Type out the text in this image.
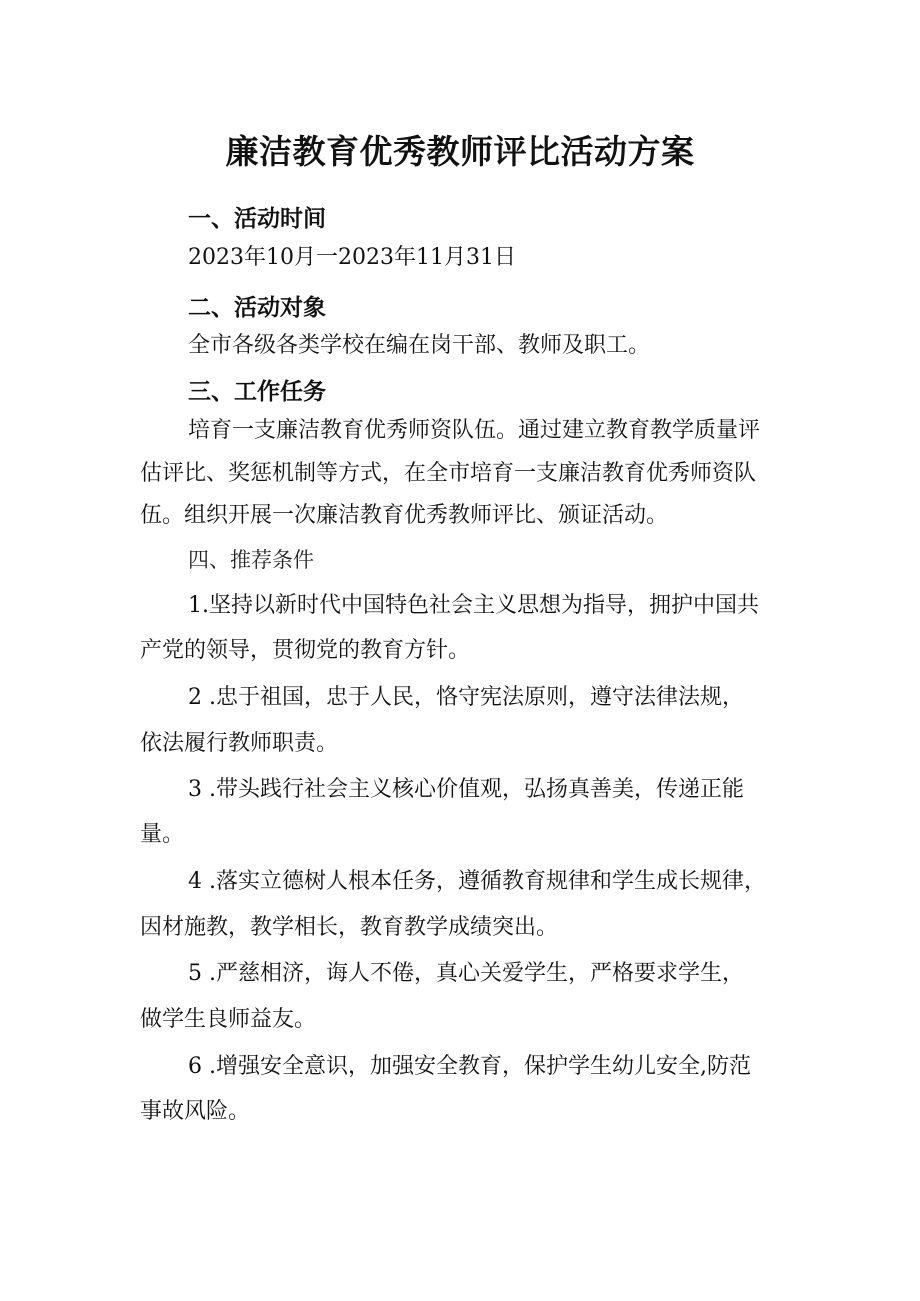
廉洁教育优秀教师评比活动方案
一、活动时间
2023年10月一2023年11月31日
二、活动对象
全市各级各类学校在编在岗干部、教师及职工。
三、工作任务
培育一支廉洁教育优秀师资队伍。通过建立教育教学质量评
估评比、奖惩机制等方式，在全市培育一支廉洁教育优秀师资队
伍。组织开展一次廉洁教育优秀教师评比、颁证活动。
四、推荐条件
1.坚持以新时代中国特色社会主义思想为指导，拥护中国共
产党的领导，贯彻党的教育方针。
2 .忠于祖国，忠于人民，恪守宪法原则，遵守法律法规，
依法履行教师职责。
3 .带头践行社会主义核心价值观，弘扬真善美，传递正能
量。
4 .落实立德树人根本任务，遵循教育规律和学生成长规律，
因材施教，教学相长，教育教学成绩突出。
5 .严慈相济，诲人不倦，真心关爱学生，严格要求学生，
做学生良师益友。
6 .增强安全意识，加强安全教育，保护学生幼儿安全,防范
事故风险。
